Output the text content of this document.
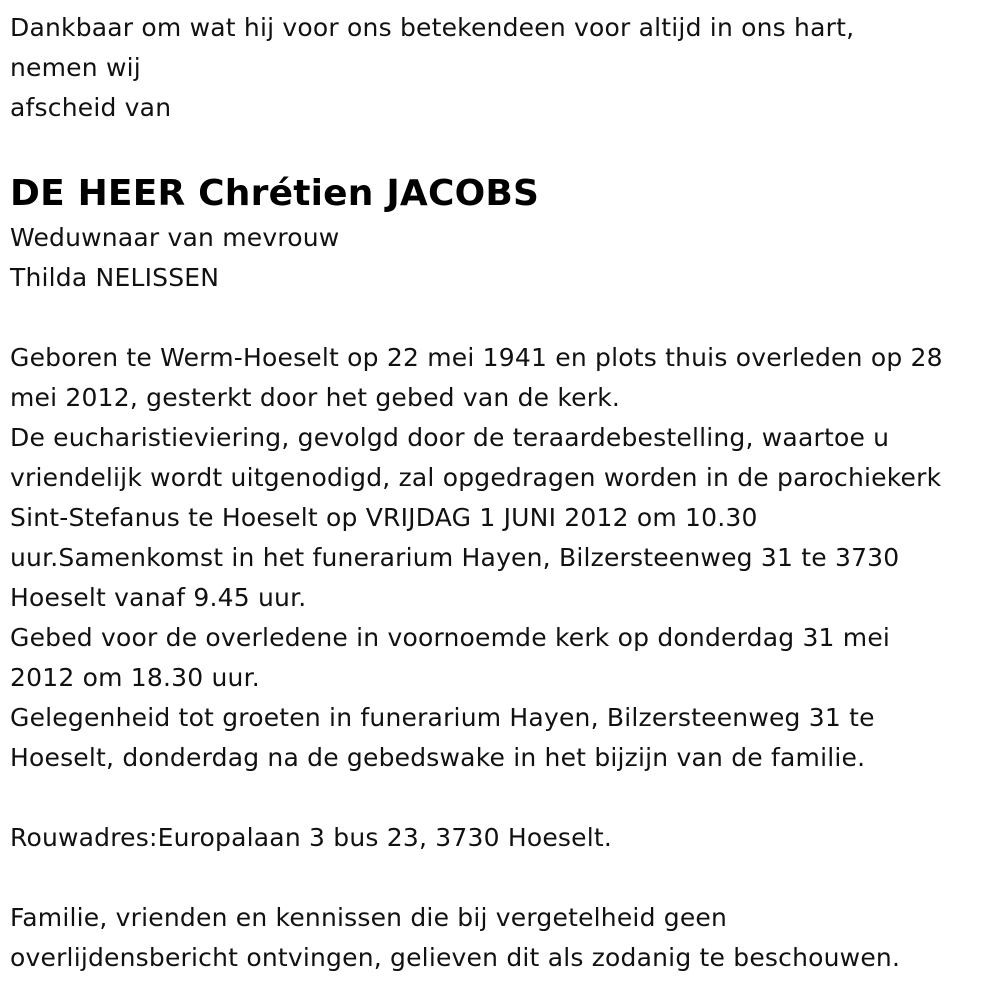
Dankbaar om wat hij voor ons betekendeen voor altijd in ons hart,
nemen wij
afscheid van
DE HEER Chrétien JACOBS
Weduwnaar van mevrouw
Thilda NELISSEN
Geboren te Werm-Hoeselt op 22 mei 1941 en plots thuis overleden op 28
mei 2012, gesterkt door het gebed van de kerk.
De eucharistieviering, gevolgd door de teraardebestelling, waartoe u
vriendelijk wordt uitgenodigd, zal opgedragen worden in de parochiekerk
Sint-Stefanus te Hoeselt op VRIJDAG 1 JUNI 2012 om 10.30
uur.Samenkomst in het funerarium Hayen, Bilzersteenweg 31 te 3730
Hoeselt vanaf 9.45 uur.
Gebed voor de overledene in voornoemde kerk op donderdag 31 mei
2012 om 18.30 uur.
Gelegenheid tot groeten in funerarium Hayen, Bilzersteenweg 31 te
Hoeselt, donderdag na de gebedswake in het bijzijn van de familie.
Rouwadres:Europalaan 3 bus 23, 3730 Hoeselt.
Familie, vrienden en kennissen die bij vergetelheid geen
overlijdensbericht ontvingen, gelieven dit als zodanig te beschouwen.
